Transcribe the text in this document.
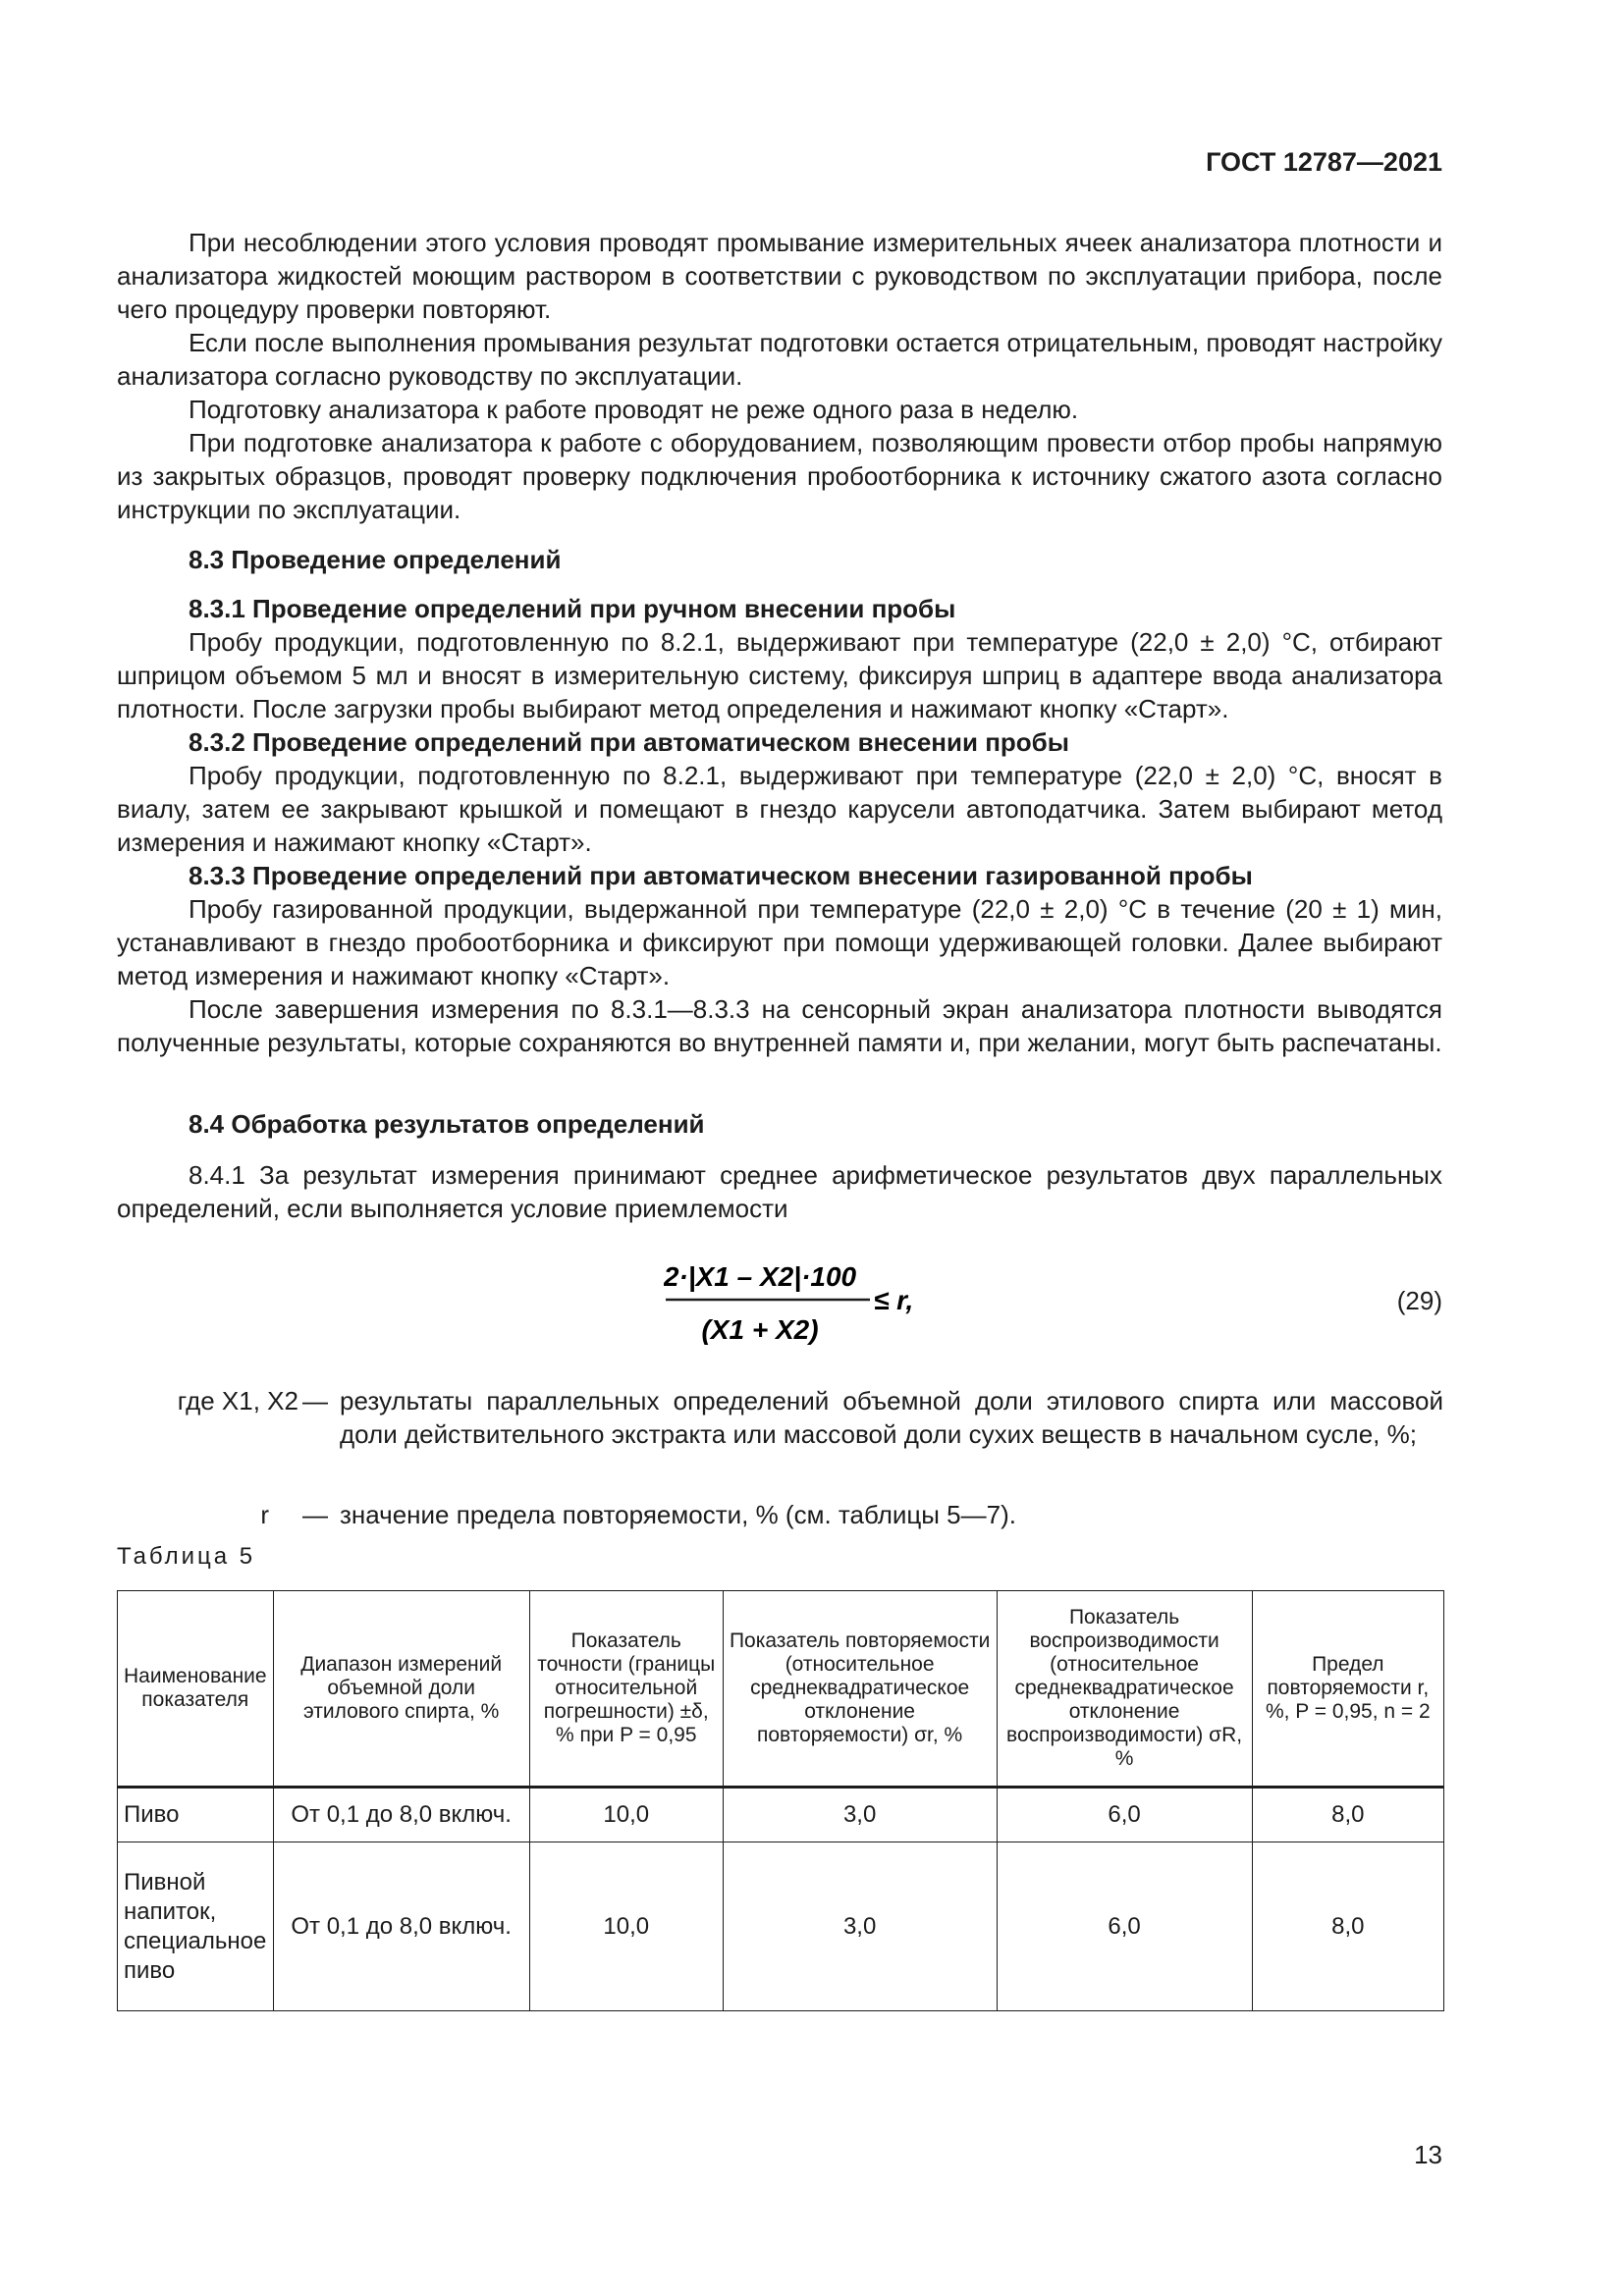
ГОСТ 12787—2021

При несоблюдении этого условия проводят промывание измерительных ячеек анализатора плотности и анализатора жидкостей моющим раствором в соответствии с руководством по эксплуатации прибора, после чего процедуру проверки повторяют.

Если после выполнения промывания результат подготовки остается отрицательным, проводят настройку анализатора согласно руководству по эксплуатации.

Подготовку анализатора к работе проводят не реже одного раза в неделю.

При подготовке анализатора к работе с оборудованием, позволяющим провести отбор пробы напрямую из закрытых образцов, проводят проверку подключения пробоотборника к источнику сжатого азота согласно инструкции по эксплуатации.

8.3 Проведение определений

8.3.1 Проведение определений при ручном внесении пробы

Пробу продукции, подготовленную по 8.2.1, выдерживают при температуре (22,0 ± 2,0) °С, отбирают шприцом объемом 5 мл и вносят в измерительную систему, фиксируя шприц в адаптере ввода анализатора плотности. После загрузки пробы выбирают метод определения и нажимают кнопку «Старт».

8.3.2 Проведение определений при автоматическом внесении пробы

Пробу продукции, подготовленную по 8.2.1, выдерживают при температуре (22,0 ± 2,0) °С, вносят в виалу, затем ее закрывают крышкой и помещают в гнездо карусели автоподатчика. Затем выбирают метод измерения и нажимают кнопку «Старт».

8.3.3 Проведение определений при автоматическом внесении газированной пробы

Пробу газированной продукции, выдержанной при температуре (22,0 ± 2,0) °С в течение (20 ± 1) мин, устанавливают в гнездо пробоотборника и фиксируют при помощи удерживающей головки. Далее выбирают метод измерения и нажимают кнопку «Старт».

После завершения измерения по 8.3.1—8.3.3 на сенсорный экран анализатора плотности выводятся полученные результаты, которые сохраняются во внутренней памяти и, при желании, могут быть распечатаны.

8.4 Обработка результатов определений

8.4.1 За результат измерения принимают среднее арифметическое результатов двух параллельных определений, если выполняется условие приемлемости

2·|X1 – X2|·100
(X1 + X2)
≤ r,	(29)
где X1, X2 — результаты параллельных определений объемной доли этилового спирта или массовой доли действительного экстракта или массовой доли сухих веществ в начальном сусле, %;
r — значение предела повторяемости, % (см. таблицы 5—7).
Таблица 5
Наименование показателя	Диапазон измерений объемной доли этилового спирта, %	Показатель точности (границы относительной погрешности) ±δ, % при P = 0,95	Показатель повторяемости (относительное среднеквадратическое отклонение повторяемости) σr, %	Показатель воспроизводимости (относительное среднеквадратическое отклонение воспроизводимости) σR, %	Предел повторяемости r, %, P = 0,95, n = 2
Пиво	От 0,1 до 8,0 включ.	10,0	3,0	6,0	8,0
Пивной напиток, специальное пиво	От 0,1 до 8,0 включ.	10,0	3,0	6,0	8,0
13
